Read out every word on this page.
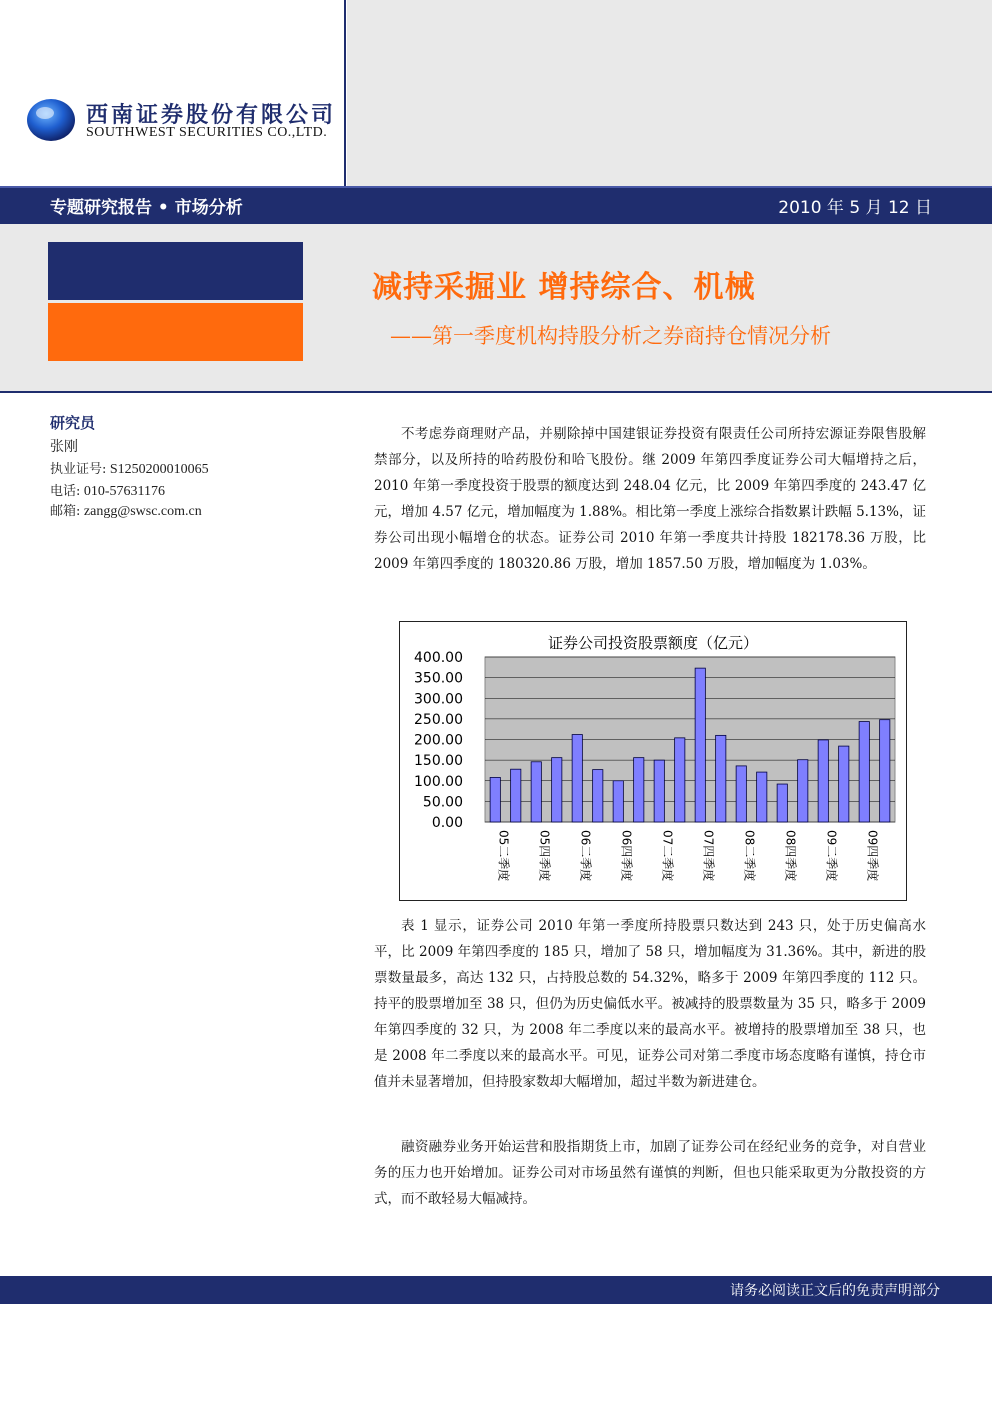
西南证券股份有限公司
SOUTHWEST SECURITIES CO.,LTD.
专题研究报告 • 市场分析	2010 年 5 月 12 日
减持采掘业 增持综合、机械
——第一季度机构持股分析之券商持仓情况分析
研究员
张刚
执业证号: S1250200010065
电话: 010-57631176
邮箱: zangg@swsc.com.cn

不考虑券商理财产品，并剔除掉中国建银证券投资有限责任公司所持宏源证券限售股解禁部分，以及所持的哈药股份和哈飞股份。继 2009 年第四季度证券公司大幅增持之后，2010 年第一季度投资于股票的额度达到 248.04 亿元，比 2009 年第四季度的 243.47 亿元，增加 4.57 亿元，增加幅度为 1.88%。相比第一季度上涨综合指数累计跌幅 5.13%，证券公司出现小幅增仓的状态。证券公司 2010 年第一季度共计持股 182178.36 万股，比 2009 年第四季度的 180320.86 万股，增加 1857.50 万股，增加幅度为 1.03%。

证券公司投资股票额度（亿元）
400.00
350.00
300.00
250.00
200.00
150.00
100.00
50.00
0.00
05二季度 05四季度 06二季度 06四季度 07二季度 07四季度 08二季度 08四季度 09二季度 09四季度

表 1 显示，证券公司 2010 年第一季度所持股票只数达到 243 只，处于历史偏高水平，比 2009 年第四季度的 185 只，增加了 58 只，增加幅度为 31.36%。其中，新进的股票数量最多，高达 132 只，占持股总数的 54.32%，略多于 2009 年第四季度的 112 只。持平的股票增加至 38 只，但仍为历史偏低水平。被减持的股票数量为 35 只，略多于 2009 年第四季度的 32 只，为 2008 年二季度以来的最高水平。被增持的股票增加至 38 只，也是 2008 年二季度以来的最高水平。可见，证券公司对第二季度市场态度略有谨慎，持仓市值并未显著增加，但持股家数却大幅增加，超过半数为新进建仓。

融资融券业务开始运营和股指期货上市，加剧了证券公司在经纪业务的竞争，对自营业务的压力也开始增加。证券公司对市场虽然有谨慎的判断，但也只能采取更为分散投资的方式，而不敢轻易大幅减持。

请务必阅读正文后的免责声明部分
